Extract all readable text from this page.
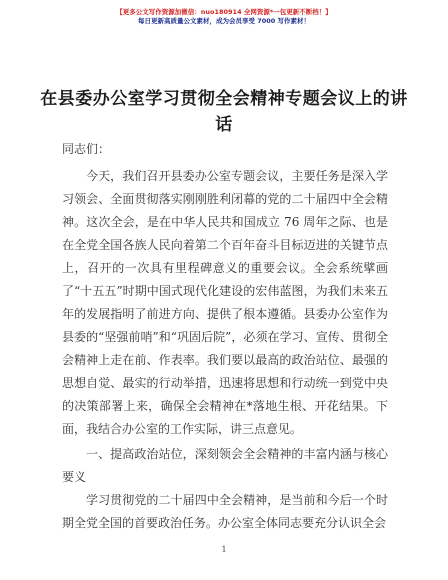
【更多公文写作资源加微信：nuo180914 全网资源*一包更新不断档！】
每日更新高质量公文素材，成为会员享受 7000 写作素材！
在县委办公室学习贯彻全会精神专题会议上的讲话

同志们：

今天，我们召开县委办公室专题会议，主要任务是深入学习领会、全面贯彻落实刚刚胜利闭幕的党的二十届四中全会精神。这次全会，是在中华人民共和国成立 76 周年之际、也是在全党全国各族人民向着第二个百年奋斗目标迈进的关键节点上，召开的一次具有里程碑意义的重要会议。全会系统擘画了“十五五”时期中国式现代化建设的宏伟蓝图，为我们未来五年的发展指明了前进方向、提供了根本遵循。县委办公室作为县委的“坚强前哨”和“巩固后院”，必须在学习、宣传、贯彻全会精神上走在前、作表率。我们要以最高的政治站位、最强的思想自觉、最实的行动举措，迅速将思想和行动统一到党中央的决策部署上来，确保全会精神在*落地生根、开花结果。下面，我结合办公室的工作实际，讲三点意见。

一、提高政治站位，深刻领会全会精神的丰富内涵与核心要义

学习贯彻党的二十届四中全会精神，是当前和今后一个时期全党全国的首要政治任务。办公室全体同志要充分认识全会

1
